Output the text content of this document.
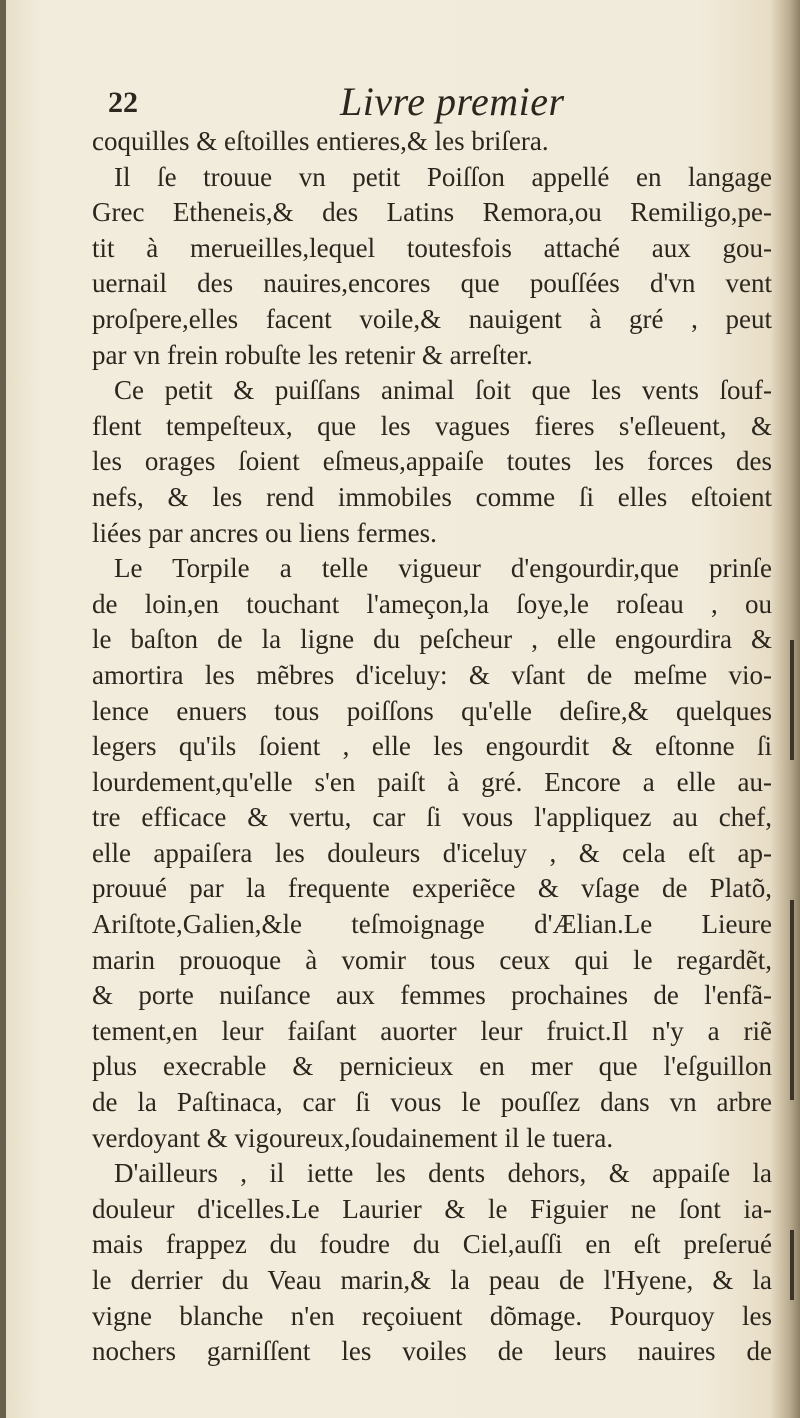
22	Livre premier
coquilles & eſtoilles entieres,& les briſera.
Il ſe trouue vn petit Poiſſon appellé en langage
Grec Etheneis,& des Latins Remora,ou Remiligo,pe-
tit à merueilles,lequel toutesfois attaché aux gou-
uernail des nauires,encores que pouſſées d'vn vent
proſpere,elles facent voile,& nauigent à gré , peut
par vn frein robuſte les retenir & arreſter.
Ce petit & puiſſans animal ſoit que les vents ſouf-
flent tempeſteux, que les vagues fieres s'eſleuent, &
les orages ſoient eſmeus,appaiſe toutes les forces des
nefs, & les rend immobiles comme ſi elles eſtoient
liées par ancres ou liens fermes.
Le Torpile a telle vigueur d'engourdir,que prinſe
de loin,en touchant l'ameçon,la ſoye,le roſeau , ou
le baſton de la ligne du peſcheur , elle engourdira &
amortira les mẽbres d'iceluy: & vſant de meſme vio-
lence enuers tous poiſſons qu'elle deſire,& quelques
legers qu'ils ſoient , elle les engourdit & eſtonne ſi
lourdement,qu'elle s'en paiſt à gré. Encore a elle au-
tre efficace & vertu, car ſi vous l'appliquez au chef,
elle appaiſera les douleurs d'iceluy , & cela eſt ap-
prouué par la frequente experiẽce & vſage de Platõ,
Ariſtote,Galien,&le teſmoignage d'Ælian.Le Lieure
marin prouoque à vomir tous ceux qui le regardẽt,
& porte nuiſance aux femmes prochaines de l'enfã-
tement,en leur faiſant auorter leur fruict.Il n'y a riẽ
plus execrable & pernicieux en mer que l'eſguillon
de la Paſtinaca, car ſi vous le pouſſez dans vn arbre
verdoyant & vigoureux,ſoudainement il le tuera.
D'ailleurs , il iette les dents dehors, & appaiſe la
douleur d'icelles.Le Laurier & le Figuier ne ſont ia-
mais frappez du foudre du Ciel,auſſi en eſt preſerué
le derrier du Veau marin,& la peau de l'Hyene, & la
vigne blanche n'en reçoiuent dõmage. Pourquoy les
nochers garniſſent les voiles de leurs nauires de
